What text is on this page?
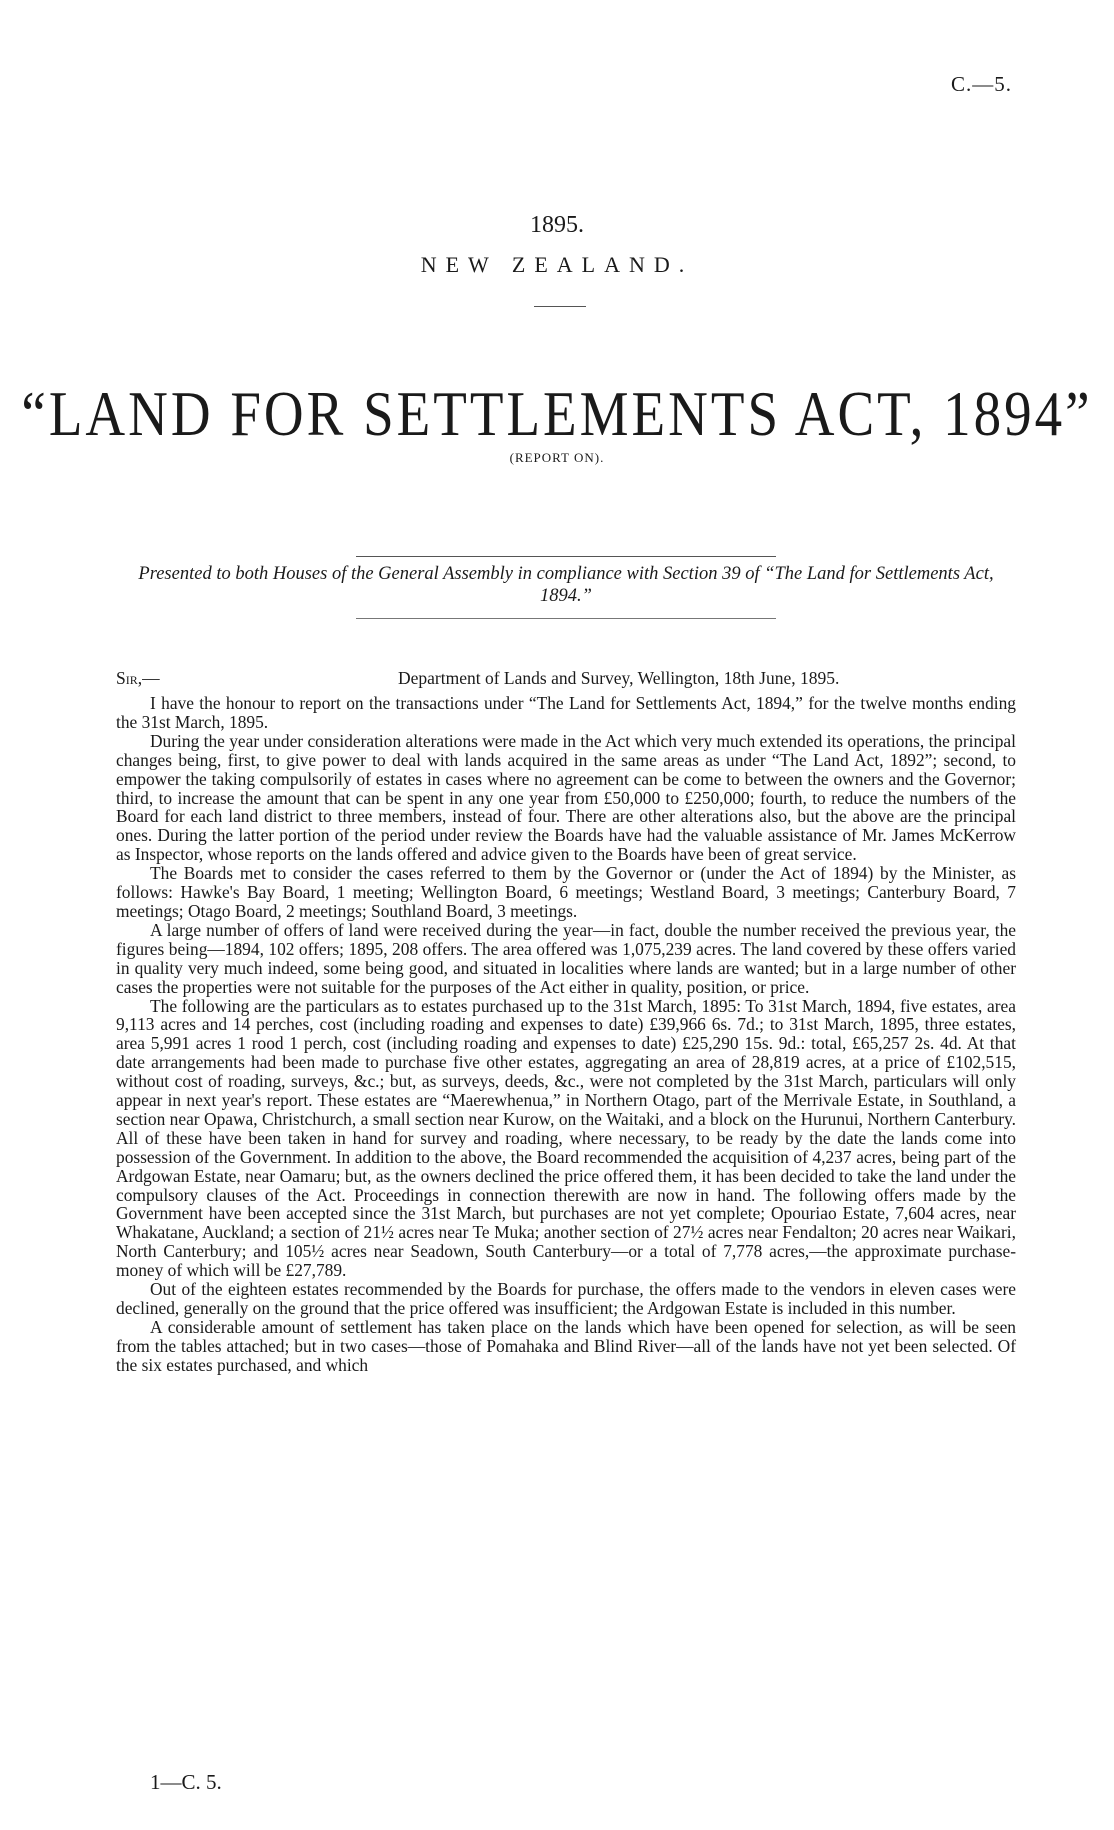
C.—5.
1895.
NEW ZEALAND.
“LAND FOR SETTLEMENTS ACT, 1894”
(REPORT ON).
Presented to both Houses of the General Assembly in compliance with Section 39 of “The Land for Settlements Act, 1894.”
Sir,—	Department of Lands and Survey, Wellington, 18th June, 1895.

I have the honour to report on the transactions under “The Land for Settlements Act, 1894,” for the twelve months ending the 31st March, 1895.

During the year under consideration alterations were made in the Act which very much extended its operations, the principal changes being, first, to give power to deal with lands acquired in the same areas as under “The Land Act, 1892”; second, to empower the taking compulsorily of estates in cases where no agreement can be come to between the owners and the Governor; third, to increase the amount that can be spent in any one year from £50,000 to £250,000; fourth, to reduce the numbers of the Board for each land district to three members, instead of four. There are other alterations also, but the above are the principal ones. During the latter portion of the period under review the Boards have had the valuable assistance of Mr. James McKerrow as Inspector, whose reports on the lands offered and advice given to the Boards have been of great service.

The Boards met to consider the cases referred to them by the Governor or (under the Act of 1894) by the Minister, as follows: Hawke's Bay Board, 1 meeting; Wellington Board, 6 meetings; Westland Board, 3 meetings; Canterbury Board, 7 meetings; Otago Board, 2 meetings; Southland Board, 3 meetings.

A large number of offers of land were received during the year—in fact, double the number received the previous year, the figures being—1894, 102 offers; 1895, 208 offers. The area offered was 1,075,239 acres. The land covered by these offers varied in quality very much indeed, some being good, and situated in localities where lands are wanted; but in a large number of other cases the properties were not suitable for the purposes of the Act either in quality, position, or price.

The following are the particulars as to estates purchased up to the 31st March, 1895: To 31st March, 1894, five estates, area 9,113 acres and 14 perches, cost (including roading and expenses to date) £39,966 6s. 7d.; to 31st March, 1895, three estates, area 5,991 acres 1 rood 1 perch, cost (including roading and expenses to date) £25,290 15s. 9d.: total, £65,257 2s. 4d. At that date arrangements had been made to purchase five other estates, aggregating an area of 28,819 acres, at a price of £102,515, without cost of roading, surveys, &c.; but, as surveys, deeds, &c., were not completed by the 31st March, particulars will only appear in next year's report. These estates are “Maerewhenua,” in Northern Otago, part of the Merrivale Estate, in Southland, a section near Opawa, Christchurch, a small section near Kurow, on the Waitaki, and a block on the Hurunui, Northern Canterbury. All of these have been taken in hand for survey and roading, where necessary, to be ready by the date the lands come into possession of the Government. In addition to the above, the Board recommended the acquisition of 4,237 acres, being part of the Ardgowan Estate, near Oamaru; but, as the owners declined the price offered them, it has been decided to take the land under the compulsory clauses of the Act. Proceedings in connection therewith are now in hand. The following offers made by the Government have been accepted since the 31st March, but purchases are not yet complete; Opouriao Estate, 7,604 acres, near Whakatane, Auckland; a section of 21½ acres near Te Muka; another section of 27½ acres near Fendalton; 20 acres near Waikari, North Canterbury; and 105½ acres near Seadown, South Canterbury—or a total of 7,778 acres,—the approximate purchase-money of which will be £27,789.

Out of the eighteen estates recommended by the Boards for purchase, the offers made to the vendors in eleven cases were declined, generally on the ground that the price offered was insufficient; the Ardgowan Estate is included in this number.

A considerable amount of settlement has taken place on the lands which have been opened for selection, as will be seen from the tables attached; but in two cases—those of Pomahaka and Blind River—all of the lands have not yet been selected. Of the six estates purchased, and which

1—C. 5.
